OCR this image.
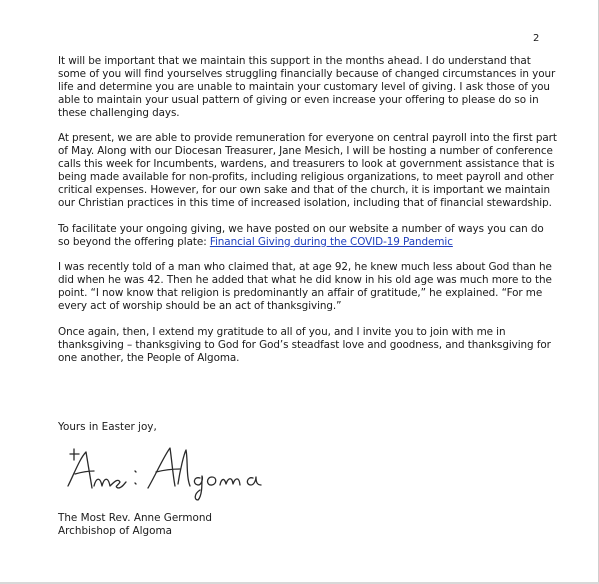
2

It will be important that we maintain this support in the months ahead. I do understand that some of you will find yourselves struggling financially because of changed circumstances in your life and determine you are unable to maintain your customary level of giving. I ask those of you able to maintain your usual pattern of giving or even increase your offering to please do so in these challenging days.

At present, we are able to provide remuneration for everyone on central payroll into the first part of May. Along with our Diocesan Treasurer, Jane Mesich, I will be hosting a number of conference calls this week for Incumbents, wardens, and treasurers to look at government assistance that is being made available for non-profits, including religious organizations, to meet payroll and other critical expenses. However, for our own sake and that of the church, it is important we maintain our Christian practices in this time of increased isolation, including that of financial stewardship.

To facilitate your ongoing giving, we have posted on our website a number of ways you can do so beyond the offering plate: Financial Giving during the COVID-19 Pandemic

I was recently told of a man who claimed that, at age 92, he knew much less about God than he did when he was 42. Then he added that what he did know in his old age was much more to the point. “I now know that religion is predominantly an affair of gratitude,” he explained. “For me every act of worship should be an act of thanksgiving.”

Once again, then, I extend my gratitude to all of you, and I invite you to join with me in thanksgiving – thanksgiving to God for God’s steadfast love and goodness, and thanksgiving for one another, the People of Algoma.

Yours in Easter joy,
The Most Rev. Anne Germond
Archbishop of Algoma
